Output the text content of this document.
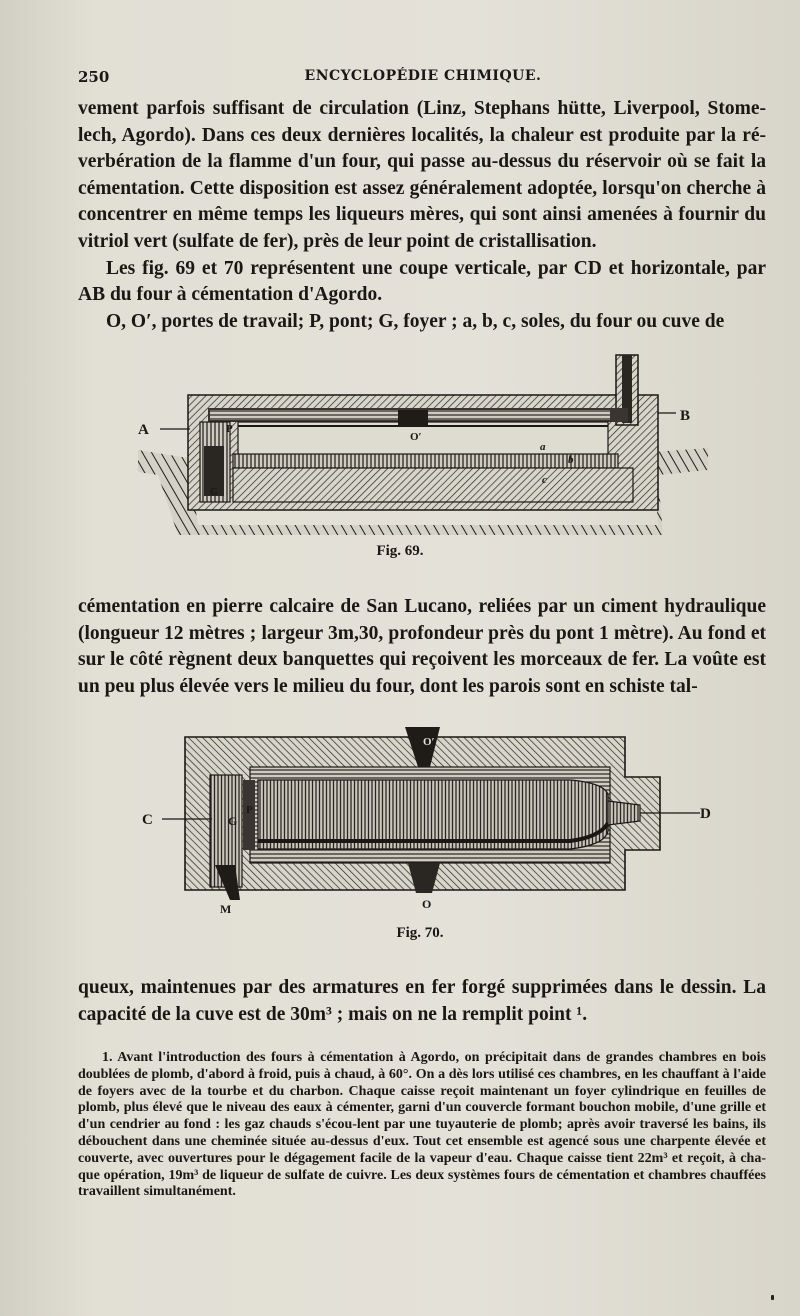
250	ENCYCLOPÉDIE CHIMIQUE.

vement parfois suffisant de circulation (Linz, Stephans hütte, Liverpool, Stome-lech, Agordo). Dans ces deux dernières localités, la chaleur est produite par la ré-verbération de la flamme d'un four, qui passe au-dessus du réservoir où se fait la cémentation. Cette disposition est assez généralement adoptée, lorsqu'on cherche à concentrer en même temps les liqueurs mères, qui sont ainsi amenées à fournir du vitriol vert (sulfate de fer), près de leur point de cristallisation.

Les fig. 69 et 70 représentent une coupe verticale, par CD et horizontale, par AB du four à cémentation d'Agordo.

O, O′, portes de travail; P, pont; G, foyer ; a, b, c, soles, du four ou cuve de

A
B
P
O′
G
a
b
c
Fig. 69.

cémentation en pierre calcaire de San Lucano, reliées par un ciment hydraulique (longueur 12 mètres ; largeur 3m,30, profondeur près du pont 1 mètre). Au fond et sur le côté règnent deux banquettes qui reçoivent les morceaux de fer. La voûte est un peu plus élevée vers le milieu du four, dont les parois sont en schiste tal-

C	D
G
P
O′
O
M
Fig. 70.

queux, maintenues par des armatures en fer forgé supprimées dans le dessin. La capacité de la cuve est de 30m³ ; mais on ne la remplit point ¹.

1. Avant l'introduction des fours à cémentation à Agordo, on précipitait dans de grandes chambres en bois doublées de plomb, d'abord à froid, puis à chaud, à 60°. On a dès lors utilisé ces chambres, en les chauffant à l'aide de foyers avec de la tourbe et du charbon. Chaque caisse reçoit maintenant un foyer cylindrique en feuilles de plomb, plus élevé que le niveau des eaux à cémenter, garni d'un couvercle formant bouchon mobile, d'une grille et d'un cendrier au fond : les gaz chauds s'écou-lent par une tuyauterie de plomb; après avoir traversé les bains, ils débouchent dans une cheminée située au-dessus d'eux. Tout cet ensemble est agencé sous une charpente élevée et couverte, avec ouvertures pour le dégagement facile de la vapeur d'eau. Chaque caisse tient 22m³ et reçoit, à cha-que opération, 19m³ de liqueur de sulfate de cuivre. Les deux systèmes fours de cémentation et chambres chauffées travaillent simultanément.
